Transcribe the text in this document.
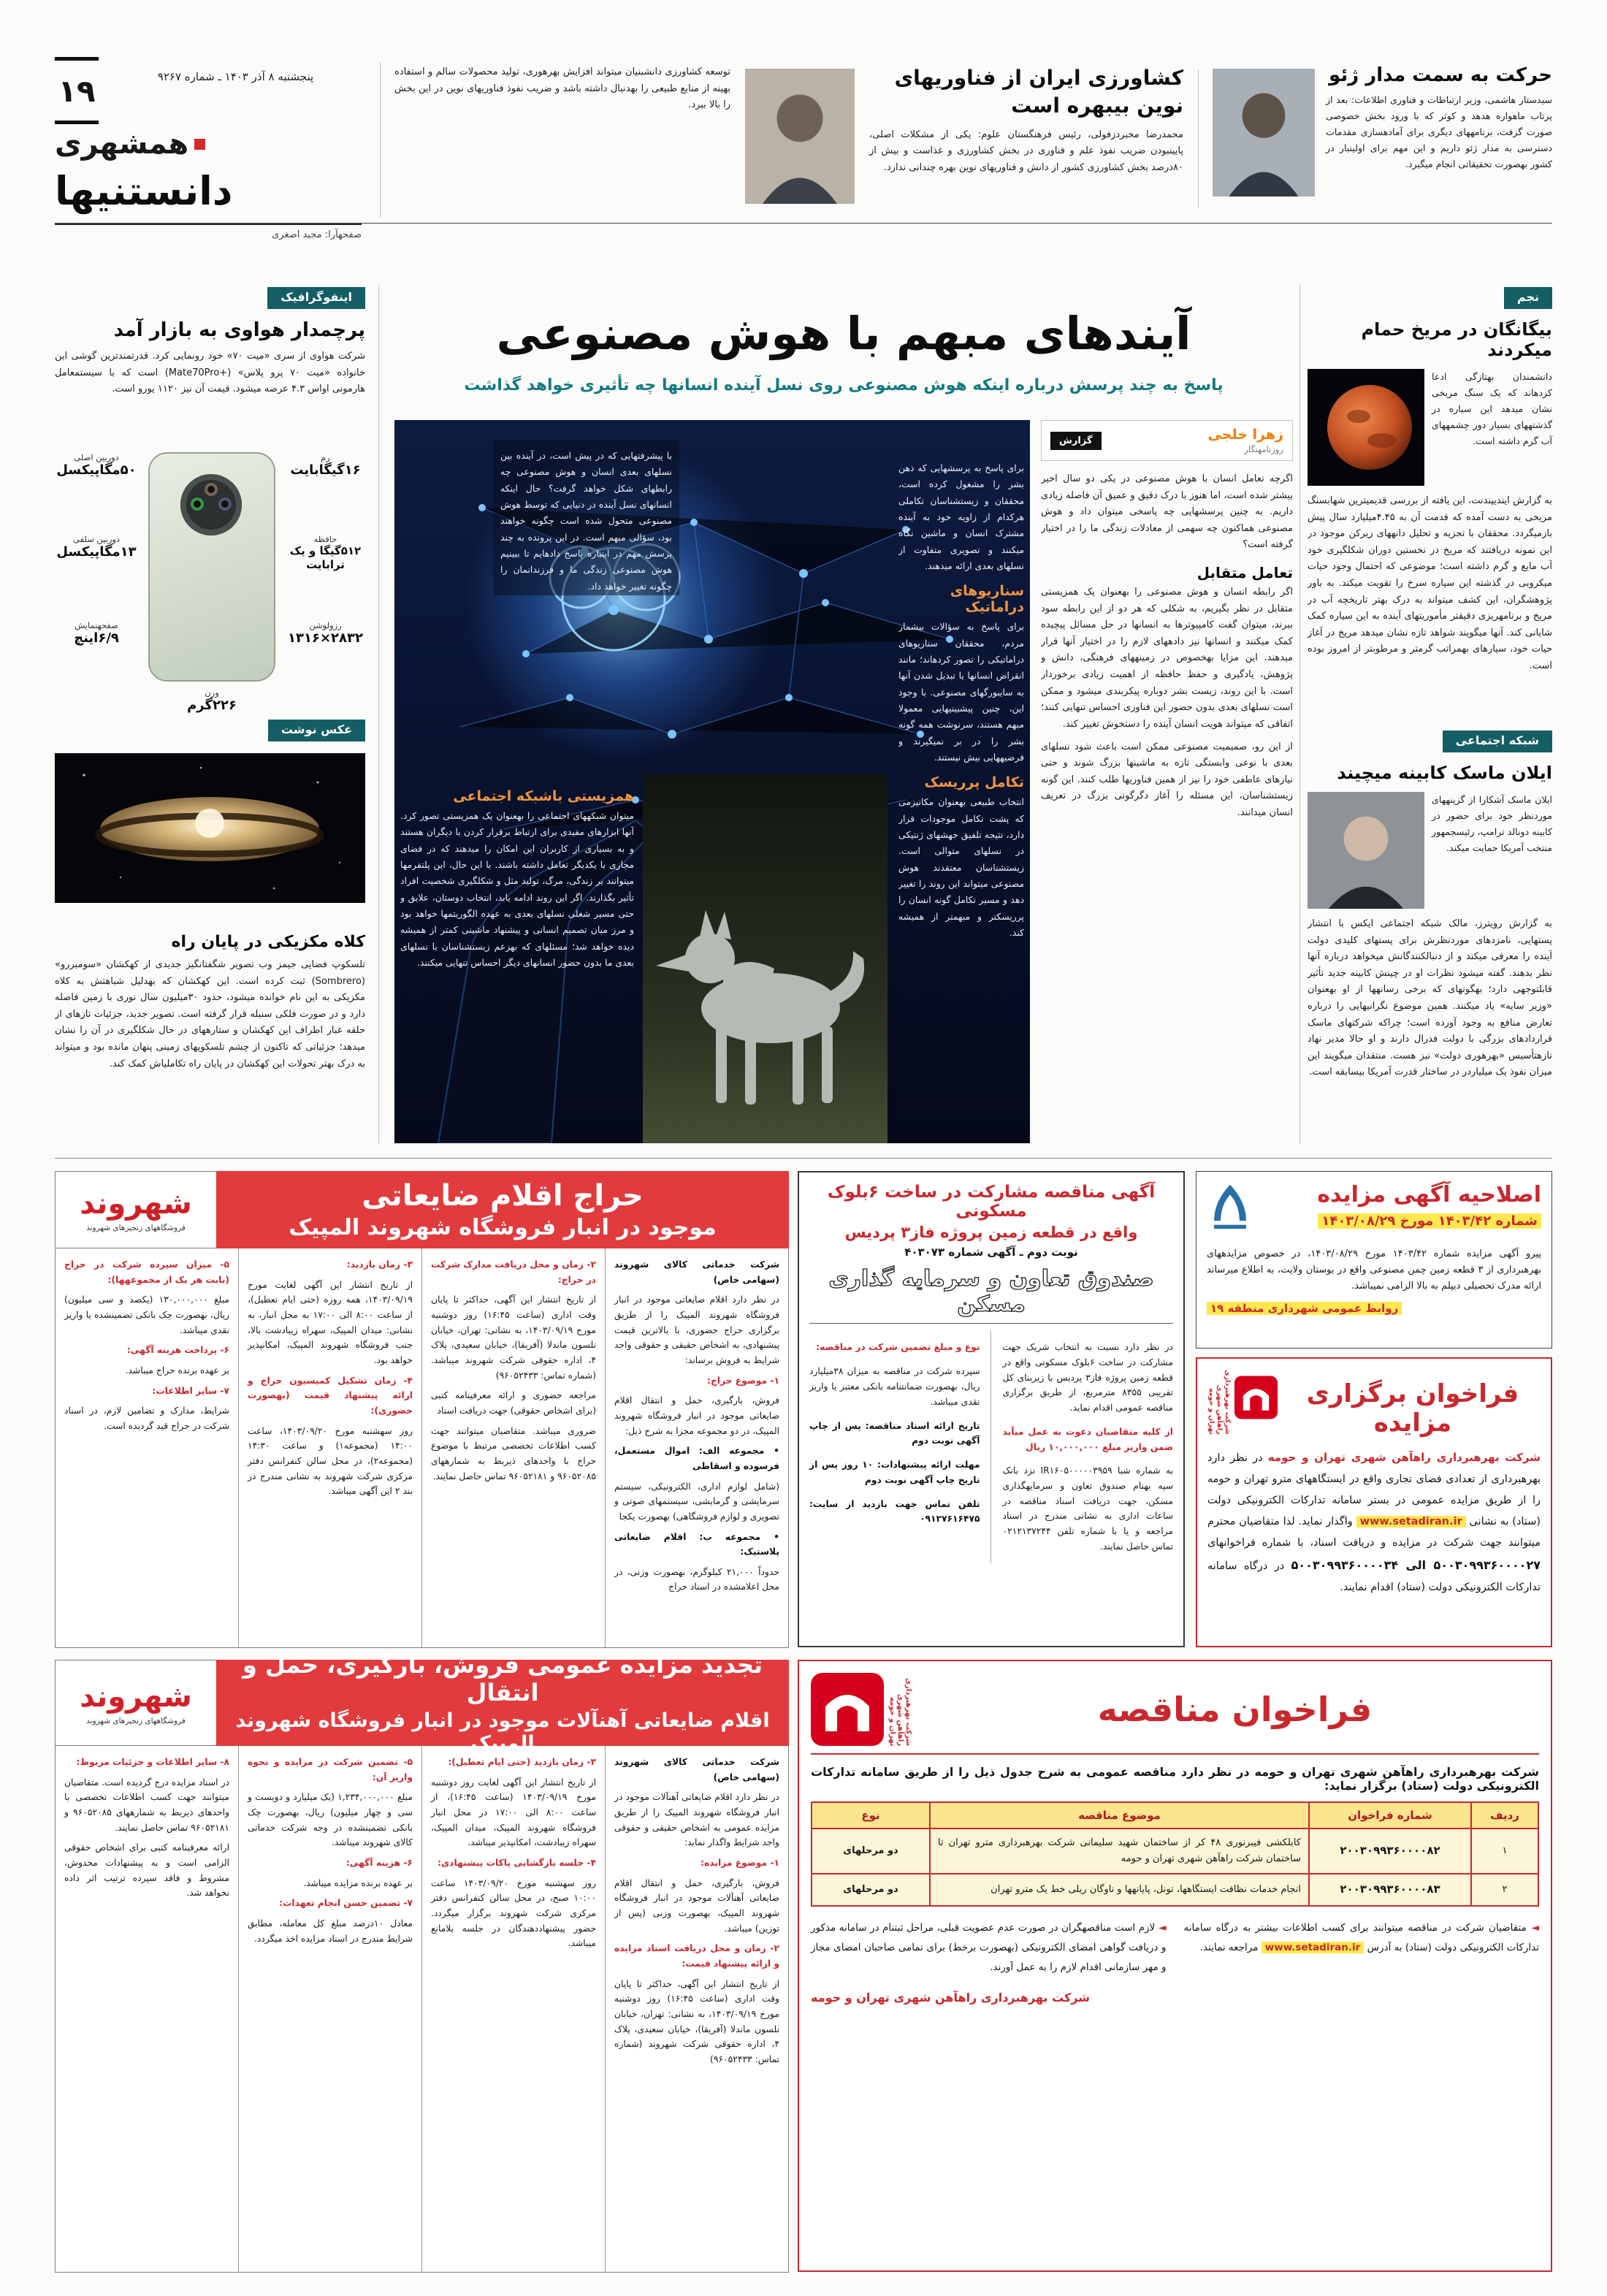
۱۹	پنجشنبه ۸ آذر ۱۴۰۳ ـ شماره ۹۲۶۷
همشهری
دانستنیها
صفحهآرا: مجید اصغری
کشاورزی ایران از فناوریهای نوین بیبهره است

محمدرضا مخبردزفولی، رئیس فرهنگستان علوم: یکی از مشکلات اصلی، پایینبودن ضریب نفوذ علم و فناوری در بخش کشاورزی و غذاست و بیش از ۸۰درصد بخش کشاورزی کشور از دانش و فناوریهای نوین بهره چندانی ندارد.

توسعه کشاورزی دانشبنیان میتواند افزایش بهرهوری، تولید محصولات سالم و استفاده بهینه از منابع طبیعی را بهدنبال داشته باشد و ضریب نفوذ فناوریهای نوین در این بخش را بالا ببرد.

حرکت به سمت مدار ژئو

سیدستار هاشمی، وزیر ارتباطات و فناوری اطلاعات: بعد از پرتاب ماهواره هدهد و کوثر که با ورود بخش خصوصی صورت گرفت، برنامههای دیگری برای آمادهسازی مقدمات دسترسی به مدار ژئو داریم و این مهم برای اولینبار در کشور بهصورت تحقیقاتی انجام میگیرد.

اینفوگرافیک
پرچمدار هواوی به بازار آمد

شرکت هواوی از سری «میت ۷۰» خود رونمایی کرد. قدرتمندترین گوشی این خانواده «میت ۷۰ پرو پلاس» (+Mate70Pro) است که با سیستمعامل هارمونی اواس ۴.۳ عرضه میشود. قیمت آن نیز ۱۱۲۰ یورو است.

رم
۱۶گیگابایت
دوربین اصلی
۵۰مگاپیکسل
دوربین سلفی
۱۳مگاپیکسل
حافظه
۵۱۲گیگا و یک ترابایت
رزولوشن
۲۸۳۲×۱۳۱۶
صفحهنمایش
۶/۹اینچ
وزن
۲۲۶گرم
عکس نوشت
کلاه مکزیکی در پایان راه

تلسکوپ فضایی جیمز وب تصویر شگفتانگیز جدیدی از کهکشان «سومبررو» (Sombrero) ثبت کرده است. این کهکشان که بهدلیل شباهتش به کلاه مکزیکی به این نام خوانده میشود، حدود ۳۰میلیون سال نوری با زمین فاصله دارد و در صورت فلکی سنبله قرار گرفته است. تصویر جدید، جزئیات تازهای از حلقه غبار اطراف این کهکشان و ستارههای در حال شکلگیری در آن را نشان میدهد؛ جزئیاتی که تاکنون از چشم تلسکوپهای زمینی پنهان مانده بود و میتواند به درک بهتر تحولات این کهکشان در پایان راه تکاملیاش کمک کند.

آیندهای مبهم با هوش مصنوعی
پاسخ به چند پرسش درباره اینکه هوش مصنوعی روی نسل آینده انسانها چه تأثیری خواهد گذاشت
با پیشرفتهایی که در پیش است، در آینده بین نسلهای بعدی انسان و هوش مصنوعی چه رابطهای شکل خواهد گرفت؟ حال اینکه انسانهای نسل آینده در دنیایی که توسط هوش مصنوعی متحول شده است چگونه خواهند بود، سؤالی مبهم است. در این پرونده به چند پرسش مهم در اینباره پاسخ دادهایم تا ببینیم هوش مصنوعی زندگی ما و فرزندانمان را چگونه تغییر خواهد داد.
همزیستی باشبکه اجتماعی

میتوان شبکههای اجتماعی را بهعنوان یک همزیستی تصور کرد. آنها ابزارهای مفیدی برای ارتباط برقرار کردن با دیگران هستند و به بسیاری از کاربران این امکان را میدهند که در فضای مجازی با یکدیگر تعامل داشته باشند. با این حال، این پلتفرمها میتوانند بر زندگی، مرگ، تولید مثل و شکلگیری شخصیت افراد تأثیر بگذارند. اگر این روند ادامه یابد، انتخاب دوستان، علایق و حتی مسیر شغلی نسلهای بعدی به عهده الگوریتمها خواهد بود و مرز میان تصمیم انسانی و پیشنهاد ماشینی کمتر از همیشه دیده خواهد شد؛ مسئلهای که بهزعم زیستشناسان با نسلهای بعدی ما بدون حضور انسانهای دیگر احساس تنهایی میکنند.

برای پاسخ به پرسشهایی که ذهن بشر را مشغول کرده است، محققان و زیستشناسان تکاملی هرکدام از زاویه خود به آینده مشترک انسان و ماشین نگاه میکنند و تصویری متفاوت از نسلهای بعدی ارائه میدهند.

سناریوهای دراماتیک

برای پاسخ به سؤالات بیشمار مردم، محققان سناریوهای دراماتیکی را تصور کردهاند؛ مانند انقراض انسانها یا تبدیل شدن آنها به سایبورگهای مصنوعی. با وجود این، چنین پیشبینیهایی معمولا مبهم هستند، سرنوشت همه گونه بشر را در بر نمیگیرند و فرضیههایی بیش نیستند.

تکامل پرریسک

انتخاب طبیعی بهعنوان مکانیزمی که پشت تکامل موجودات قرار دارد، نتیجه تلفیق جهشهای ژنتیکی در نسلهای متوالی است. زیستشناسان معتقدند هوش مصنوعی میتواند این روند را تغییر دهد و مسیر تکامل گونه انسان را پرریسکتر و مبهمتر از همیشه کند.

زهرا خلجی
روزنامهنگار
گزارش

اگرچه تعامل انسان با هوش مصنوعی در یکی دو سال اخیر بیشتر شده است، اما هنوز با درک دقیق و عمیق آن فاصله زیادی داریم. به چنین پرسشهایی چه پاسخی میتوان داد و هوش مصنوعی هماکنون چه سهمی از معادلات زندگی ما را در اختیار گرفته است؟

تعامل متقابل

اگر رابطه انسان و هوش مصنوعی را بهعنوان یک همزیستی متقابل در نظر بگیریم، به شکلی که هر دو از این رابطه سود ببرند، میتوان گفت کامپیوترها به انسانها در حل مسائل پیچیده کمک میکنند و انسانها نیز دادههای لازم را در اختیار آنها قرار میدهند. این مزایا بهخصوص در زمینههای فرهنگی، دانش و پژوهش، یادگیری و حفظ حافظه از اهمیت زیادی برخوردار است. با این روند، زیست بشر دوباره پیکربندی میشود و ممکن است نسلهای بعدی بدون حضور این فناوری احساس تنهایی کنند؛ اتفاقی که میتواند هویت انسان آینده را دستخوش تغییر کند.

از این رو، صمیمیت مصنوعی ممکن است باعث شود نسلهای بعدی با نوعی وابستگی تازه به ماشینها بزرگ شوند و حتی نیازهای عاطفی خود را نیز از همین فناوریها طلب کنند. این گونه زیستشناسان، این مسئله را آغاز دگرگونی بزرگ در تعریف انسان میدانند.

نجم
بیگانگان در مریخ حمام میکردند

دانشمندان بهتازگی ادعا کردهاند که یک سنگ مریخی نشان میدهد این سیاره در گذشتههای بسیار دور چشمههای آب گرم داشته است.

به گزارش ایندیپندنت، این یافته از بررسی قدیمیترین شهابسنگ مریخی به دست آمده که قدمت آن به ۴.۴۵میلیارد سال پیش بازمیگردد. محققان با تجزیه و تحلیل دانههای زیرکن موجود در این نمونه دریافتند که مریخ در نخستین دوران شکلگیری خود آب مایع و گرم داشته است؛ موضوعی که احتمال وجود حیات میکروبی در گذشته این سیاره سرخ را تقویت میکند. به باور پژوهشگران، این کشف میتواند به درک بهتر تاریخچه آب در مریخ و برنامهریزی دقیقتر مأموریتهای آینده به این سیاره کمک شایانی کند. آنها میگویند شواهد تازه نشان میدهد مریخ در آغاز حیات خود، سیارهای بهمراتب گرمتر و مرطوبتر از امروز بوده است.

شبکه اجتماعی
ایلان ماسک کابینه میچیند

ایلان ماسک آشکارا از گزینههای موردنظر خود برای حضور در کابینه دونالد ترامپ، رئیسجمهور منتخب آمریکا حمایت میکند.

به گزارش رویترز، مالک شبکه اجتماعی ایکس با انتشار پستهایی، نامزدهای موردنظرش برای پستهای کلیدی دولت آینده را معرفی میکند و از دنبالکنندگانش میخواهد درباره آنها نظر بدهند. گفته میشود نظرات او در چینش کابینه جدید تأثیر قابلتوجهی دارد؛ بهگونهای که برخی رسانهها از او بهعنوان «وزیر سایه» یاد میکنند. همین موضوع نگرانیهایی را درباره تعارض منافع به وجود آورده است؛ چراکه شرکتهای ماسک قراردادهای بزرگی با دولت فدرال دارند و او حالا مدیر نهاد تازهتأسیس «بهرهوری دولت» نیز هست. منتقدان میگویند این میزان نفوذ یک میلیاردر در ساختار قدرت آمریکا بیسابقه است.

حراج اقلام ضایعاتی
موجود در انبار فروشگاه شهروند المپیک
شهروند
فروشگاههای زنجیرهای شهروند

شرکت خدماتی کالای شهروند (سهامی خاص)

در نظر دارد اقلام ضایعاتی موجود در انبار فروشگاه شهروند المپیک را از طریق برگزاری حراج حضوری، با بالاترین قیمت پیشنهادی، به اشخاص حقیقی و حقوقی واجد شرایط به فروش برساند:

۱- موضوع حراج:

فروش، بارگیری، حمل و انتقال اقلام ضایعاتی موجود در انبار فروشگاه شهروند المپیک، در دو مجموعه مجزا به شرح ذیل:

• مجموعه الف: اموال مستعمل، فرسوده و اسقاطی

(شامل لوازم اداری، الکترونیکی، سیستم سرمایشی و گرمایشی، سیستمهای صوتی و تصویری و لوازم فروشگاهی) بهصورت یکجا

• مجموعه ب: اقلام ضایعاتی پلاستیک:

حدوداً ۲۱,۰۰۰ کیلوگرم، بهصورت وزنی، در محل اعلامشده در اسناد حراج

۲- زمان و محل دریافت مدارک شرکت در حراج:

از تاریخ انتشار این آگهی، حداکثر تا پایان وقت اداری (ساعت ۱۶:۴۵) روز دوشنبه مورخ ۱۴۰۳/۰۹/۱۹، به نشانی: تهران، خیابان نلسون ماندلا (آفریقا)، خیابان سعیدی، پلاک ۴، اداره حقوقی شرکت شهروند میباشد. (شماره تماس: ۹۶۰۵۲۴۳۳)

مراجعه حضوری و ارائه معرفینامه کتبی (برای اشخاص حقوقی) جهت دریافت اسناد

ضروری میباشد. متقاضیان میتوانند جهت کسب اطلاعات تخصصی مرتبط با موضوع حراج با واحدهای ذیربط به شمارههای ۹۶۰۵۲۰۸۵ و ۹۶۰۵۲۱۸۱ تماس حاصل نمایند.

۳- زمان بازدید:

از تاریخ انتشار این آگهی لغایت مورخ ۱۴۰۳/۰۹/۱۹، همه روزه (حتی ایام تعطیل)، از ساعت ۸:۰۰ الی ۱۷:۰۰ به محل انبار، به نشانی: میدان المپیک، سهراه زیبادشت بالا، جنب فروشگاه شهروند المپیک، امکانپذیر خواهد بود.

۴- زمان تشکیل کمیسیون حراج و ارائه پیشنهاد قیمت (بهصورت حضوری):

روز سهشنبه مورخ ۱۴۰۳/۰۹/۲۰، ساعت ۱۴:۰۰ (مجموعه۱) و ساعت ۱۴:۳۰ (مجموعه۲)، در محل سالن کنفرانس دفتر مرکزی شرکت شهروند به نشانی مندرج در بند ۲ این آگهی میباشد.

۵- میزان سپرده شرکت در حراج (بابت هر یک از مجموعهها):

مبلغ ۱۳۰,۰۰۰,۰۰۰ (یکصد و سی میلیون) ریال، بهصورت چک بانکی تضمینشده یا واریز نقدی میباشد.

۶- پرداخت هزینه آگهی:

بر عهده برنده حراج میباشد.

۷- سایر اطلاعات:

شرایط، مدارک و تضامین لازم، در اسناد شرکت در حراج قید گردیده است.

آگهی مناقصه مشارکت در ساخت ۶بلوک مسکونی
واقع در قطعه زمین پروژه فاز۳ پردیس
نوبت دوم ـ آگهی شماره ۴۰۳۰۷۳
صندوق تعاون و سرمایه گذاری مسکن

در نظر دارد نسبت به انتخاب شریک جهت مشارکت در ساخت ۶بلوک مسکونی واقع در قطعه زمین پروژه فاز۳ پردیس با زیربنای کل تقریبی ۸۳۵۵ مترمربع، از طریق برگزاری مناقصه عمومی اقدام نماید.

از کلیه متقاضیان دعوت به عمل میآید ضمن واریز مبلغ ۱۰,۰۰۰,۰۰۰ ریال

به شماره شبا IR۱۶۰۵۰۰۰۰۰۳۹۵۹ نزد بانک سپه بهنام صندوق تعاون و سرمایهگذاری مسکن، جهت دریافت اسناد مناقصه در ساعات اداری به نشانی مندرج در اسناد مراجعه و یا با شماره تلفن ۰۲۱۲۱۳۷۲۴۴ تماس حاصل نمایند.

نوع و مبلغ تضمین شرکت در مناقصه:

سپرده شرکت در مناقصه به میزان ۳۸میلیارد ریال، بهصورت ضمانتنامه بانکی معتبر یا واریز نقدی میباشد.

تاریخ ارائه اسناد مناقصه: پس از چاپ آگهی نوبت دوم

مهلت ارائه پیشنهادات: ۱۰ روز پس از تاریخ چاپ آگهی نوبت دوم

تلفن تماس جهت بازدید از سایت: ۰۹۱۲۷۶۱۶۴۷۵

اصلاحیه آگهی مزایده
شماره ۱۴۰۳/۴۲ مورخ ۱۴۰۳/۰۸/۲۹

پیرو آگهی مزایده شماره ۱۴۰۳/۴۲ مورخ ۱۴۰۳/۰۸/۲۹، در خصوص مزایدههای بهرهبرداری از ۳ قطعه زمین چمن مصنوعی واقع در بوستان ولایت، به اطلاع میرساند ارائه مدرک تحصیلی دیپلم به بالا الزامی نمیباشد.

روابط عمومی شهرداری منطقه ۱۹
فراخوان برگزاری مزایده
شرکت بهرهبرداری راهآهن شهری تهران و حومه

شرکت بهرهبرداری راهآهن شهری تهران و حومه در نظر دارد بهرهبرداری از تعدادی فضای تجاری واقع در ایستگاههای مترو تهران و حومه را از طریق مزایده عمومی در بستر سامانه تدارکات الکترونیکی دولت (ستاد) به نشانی www.setadiran.ir واگذار نماید. لذا متقاضیان محترم میتوانند جهت شرکت در مزایده و دریافت اسناد، با شماره فراخوانهای ۵۰۰۳۰۹۹۳۶۰۰۰۰۲۷ الی ۵۰۰۳۰۹۹۳۶۰۰۰۰۳۴ در درگاه سامانه تدارکات الکترونیکی دولت (ستاد) اقدام نمایند.

تجدید مزایده عمومی فروش، بارگیری، حمل و انتقال
اقلام ضایعاتی آهنآلات موجود در انبار فروشگاه شهروند المپیک
شهروند
فروشگاههای زنجیرهای شهروند

شرکت خدماتی کالای شهروند (سهامی خاص)

در نظر دارد اقلام ضایعاتی آهنآلات موجود در انبار فروشگاه شهروند المپیک را از طریق مزایده عمومی به اشخاص حقیقی و حقوقی واجد شرایط واگذار نماید:

۱- موضوع مزایده:

فروش، بارگیری، حمل و انتقال اقلام ضایعاتی آهنآلات موجود در انبار فروشگاه شهروند المپیک، بهصورت وزنی (پس از توزین) میباشد.

۲- زمان و محل دریافت اسناد مزایده و ارائه پیشنهاد قیمت:

از تاریخ انتشار این آگهی، حداکثر تا پایان وقت اداری (ساعت ۱۶:۴۵) روز دوشنبه مورخ ۱۴۰۳/۰۹/۱۹، به نشانی: تهران، خیابان نلسون ماندلا (آفریقا)، خیابان سعیدی، پلاک ۴، اداره حقوقی شرکت شهروند (شماره تماس: ۹۶۰۵۲۴۳۳)

۳- زمان بازدید (حتی ایام تعطیل):

از تاریخ انتشار این آگهی لغایت روز دوشنبه مورخ ۱۴۰۳/۰۹/۱۹ (ساعت ۱۶:۴۵)، از ساعت ۸:۰۰ الی ۱۷:۰۰ در محل انبار فروشگاه شهروند المپیک، میدان المپیک، سهراه زیبادشت، امکانپذیر میباشد.

۴- جلسه بازگشایی پاکات پیشنهادی:

روز سهشنبه مورخ ۱۴۰۳/۰۹/۲۰ ساعت ۱۰:۰۰ صبح، در محل سالن کنفرانس دفتر مرکزی شرکت شهروند برگزار میگردد. حضور پیشنهاددهندگان در جلسه بلامانع میباشد.

۵- تضمین شرکت در مزایده و نحوه واریز آن:

مبلغ ۱,۲۳۴,۰۰۰,۰۰۰ (یک میلیارد و دویست و سی و چهار میلیون) ریال، بهصورت چک بانکی تضمینشده در وجه شرکت خدماتی کالای شهروند میباشد.

۶- هزینه آگهی:

بر عهده برنده مزایده میباشد.

۷- تضمین حسن انجام تعهدات:

معادل ۱۰درصد مبلغ کل معامله، مطابق شرایط مندرج در اسناد مزایده اخذ میگردد.

۸- سایر اطلاعات و جزئیات مربوط:

در اسناد مزایده درج گردیده است. متقاضیان میتوانند جهت کسب اطلاعات تخصصی با واحدهای ذیربط به شمارههای ۹۶۰۵۲۰۸۵ و ۹۶۰۵۲۱۸۱ تماس حاصل نمایند.

ارائه معرفینامه کتبی برای اشخاص حقوقی الزامی است و به پیشنهادات مخدوش، مشروط و فاقد سپرده ترتیب اثر داده نخواهد شد.

فراخوان مناقصه
شرکت بهرهبرداری راهآهن شهری تهران و حومه

شرکت بهرهبرداری راهآهن شهری تهران و حومه در نظر دارد مناقصه عمومی به شرح جدول ذیل را از طریق سامانه تدارکات الکترونیکی دولت (ستاد) برگزار نماید:

ردیف	شماره فراخوان	موضوع مناقصه	نوع
۱	۲۰۰۳۰۹۹۳۶۰۰۰۰۸۲	کابلکشی فیبرنوری ۴۸ کر از ساختمان شهید سلیمانی شرکت بهرهبرداری مترو تهران تا ساختمان شرکت راهآهن شهری تهران و حومه	دو مرحلهای
۲	۲۰۰۳۰۹۹۳۶۰۰۰۰۸۳	انجام خدمات نظافت ایستگاهها، تونل، پایانهها و ناوگان ریلی خط یک مترو تهران	دو مرحلهای

◄ متقاضیان شرکت در مناقصه میتوانند برای کسب اطلاعات بیشتر به درگاه سامانه تدارکات الکترونیکی دولت (ستاد) به آدرس www.setadiran.ir مراجعه نمایند.

◄ لازم است مناقصهگران در صورت عدم عضویت قبلی، مراحل ثبتنام در سامانه مذکور و دریافت گواهی امضای الکترونیکی (بهصورت برخط) برای تمامی صاحبان امضای مجاز و مهر سازمانی اقدام لازم را به عمل آورند.

شرکت بهرهبرداری راهآهن شهری تهران و حومه
